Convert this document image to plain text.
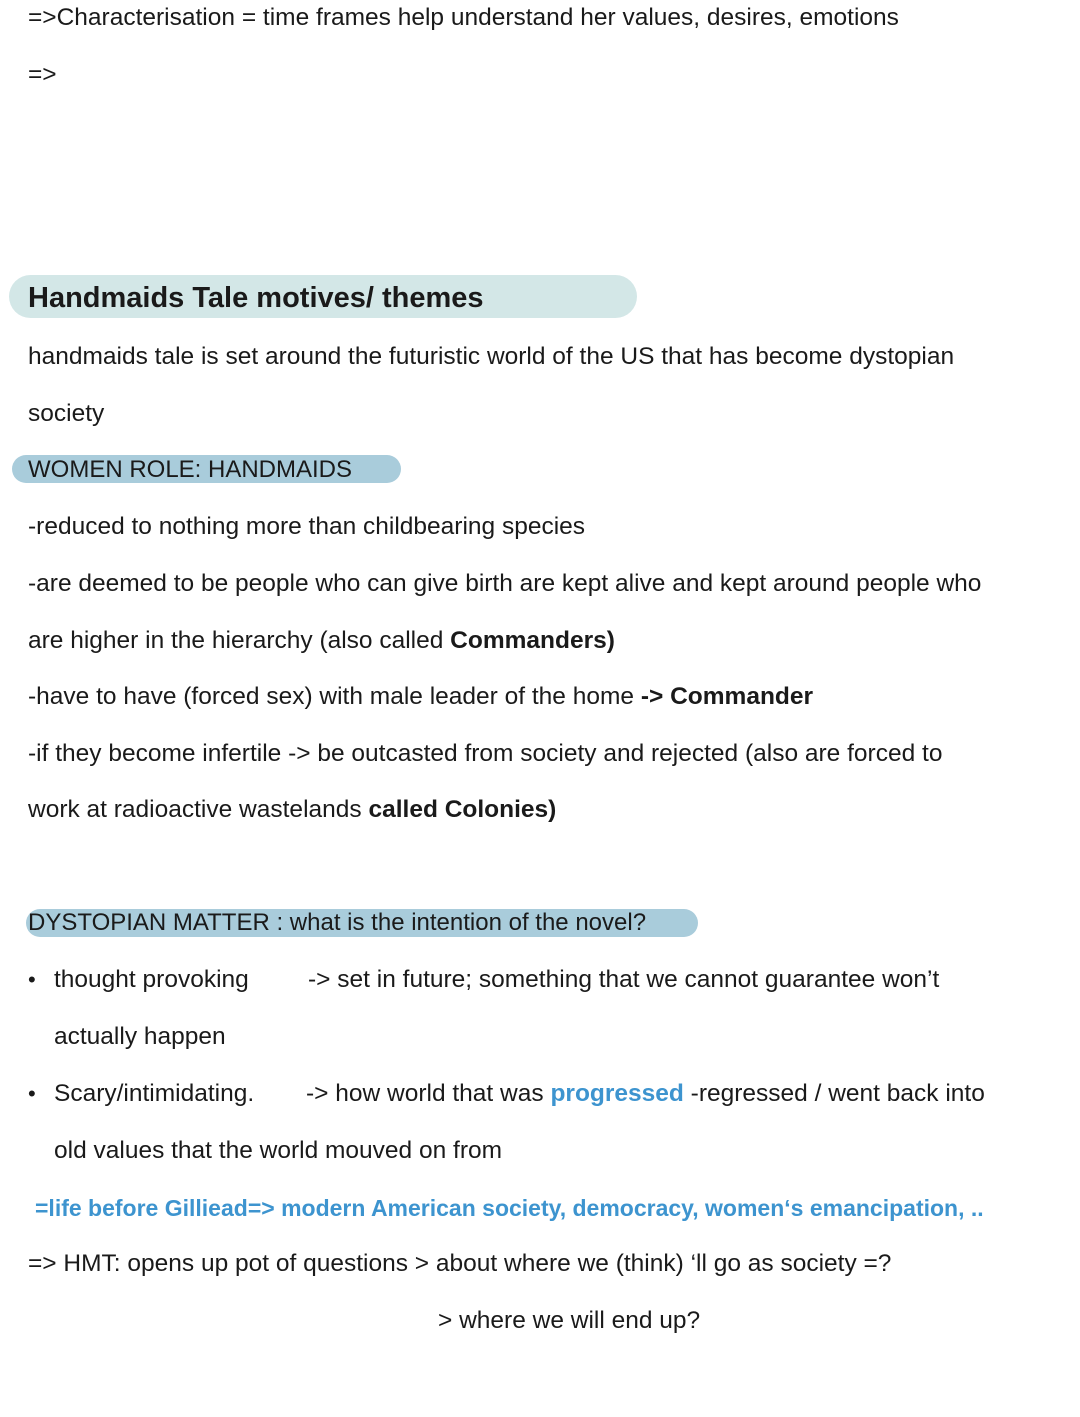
=>Characterisation = time frames help understand her values, desires, emotions
=>
Handmaids Tale motives/ themes
handmaids tale is set around the futuristic world of the US that has become dystopian
society
WOMEN ROLE: HANDMAIDS
-reduced to nothing more than childbearing species
-are deemed to be people who can give birth are kept alive and kept around people who
are higher in the hierarchy (also called Commanders)
-have to have (forced sex) with male leader of the home -> Commander
-if they become infertile -> be outcasted from society and rejected (also are forced to
work at radioactive wastelands called Colonies)
DYSTOPIAN MATTER : what is the intention of the novel?
• thought provoking -> set in future; something that we cannot guarantee won’t
actually happen
• Scary/intimidating. -> how world that was progressed -regressed / went back into
old values that the world mouved on from
=life before Gilliead=> modern American society, democracy, women‘s emancipation, ..
=> HMT: opens up pot of questions > about where we (think) ‘ll go as society =?
> where we will end up?
